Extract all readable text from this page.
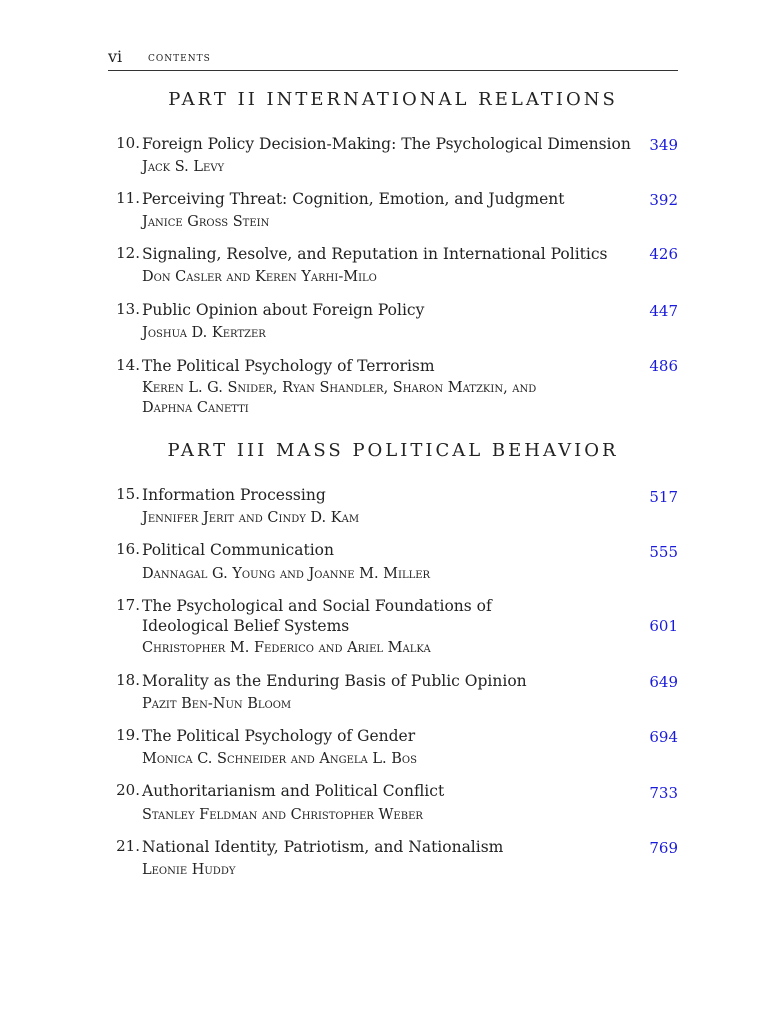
vi contents
PART II INTERNATIONAL RELATIONS
10. Foreign Policy Decision-Making: The Psychological Dimension
Jack S. Levy
349
11. Perceiving Threat: Cognition, Emotion, and Judgment
Janice Gross Stein
392
12. Signaling, Resolve, and Reputation in International Politics
Don Casler and Keren Yarhi-Milo
426
13. Public Opinion about Foreign Policy
Joshua D. Kertzer
447
14. The Political Psychology of Terrorism
Keren L. G. Snider, Ryan Shandler, Sharon Matzkin, and Daphna Canetti
486
PART III MASS POLITICAL BEHAVIOR
15. Information Processing
Jennifer Jerit and Cindy D. Kam
517
16. Political Communication
Dannagal G. Young and Joanne M. Miller
555
17. The Psychological and Social Foundations of Ideological Belief Systems
Christopher M. Federico and Ariel Malka
601
18. Morality as the Enduring Basis of Public Opinion
Pazit Ben-Nun Bloom
649
19. The Political Psychology of Gender
Monica C. Schneider and Angela L. Bos
694
20. Authoritarianism and Political Conflict
Stanley Feldman and Christopher Weber
733
21. National Identity, Patriotism, and Nationalism
Leonie Huddy
769
